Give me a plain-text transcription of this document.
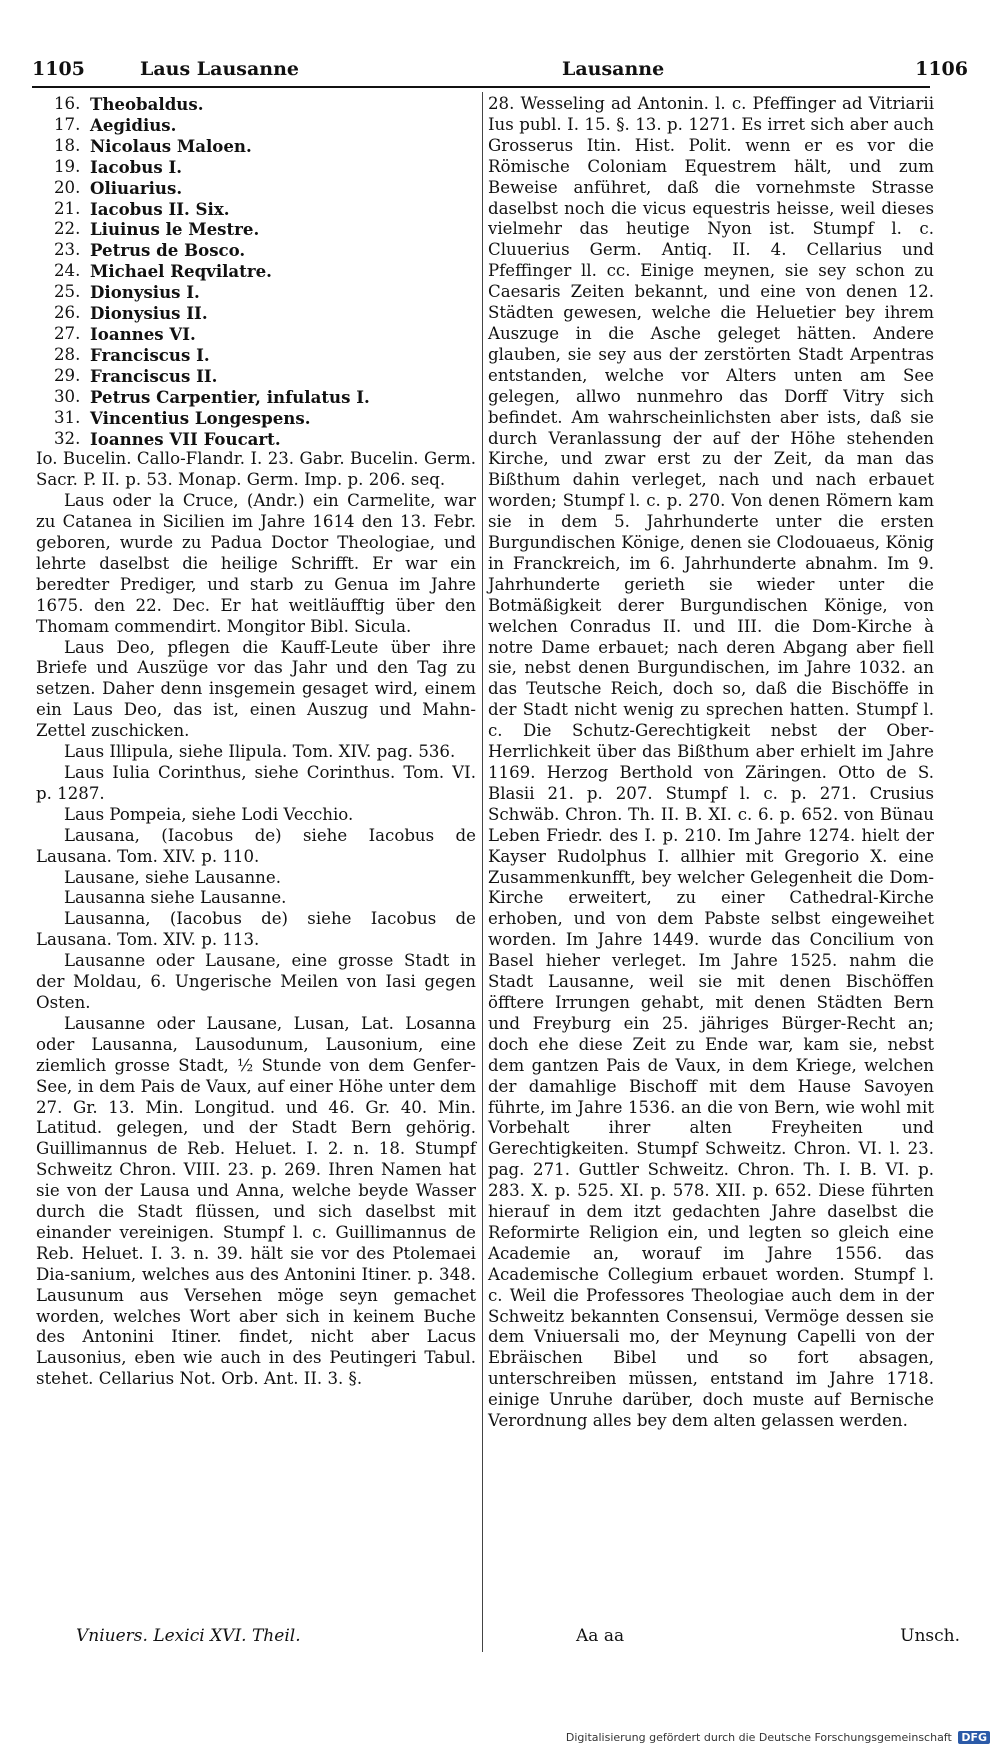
1105	Laus Lausanne	Lausanne	1106
16. Theobaldus.
17. Aegidius.
18. Nicolaus Maloen.
19. Iacobus I.
20. Oliuarius.
21. Iacobus II. Six.
22. Liuinus le Mestre.
23. Petrus de Bosco.
24. Michael Reqvilatre.
25. Dionysius I.
26. Dionysius II.
27. Ioannes VI.
28. Franciscus I.
29. Franciscus II.
30. Petrus Carpentier, infulatus I.
31. Vincentius Longespens.
32. Ioannes VII Foucart.

Io. Bucelin. Callo-Flandr. I. 23. Gabr. Bucelin. Germ. Sacr. P. II. p. 53. Monap. Germ. Imp. p. 206. seq.

Laus oder la Cruce, (Andr.) ein Carmelite, war zu Catanea in Sicilien im Jahre 1614 den 13. Febr. geboren, wurde zu Padua Doctor Theologiae, und lehrte daselbst die heilige Schrifft. Er war ein beredter Prediger, und starb zu Genua im Jahre 1675. den 22. Dec. Er hat weitläufftig über den Thomam commendirt. Mongitor Bibl. Sicula.

Laus Deo, pflegen die Kauff-Leute über ihre Briefe und Auszüge vor das Jahr und den Tag zu setzen. Daher denn insgemein gesaget wird, einem ein Laus Deo, das ist, einen Auszug und Mahn-Zettel zuschicken.

Laus Illipula, siehe Ilipula. Tom. XIV. pag. 536.

Laus Iulia Corinthus, siehe Corinthus. Tom. VI. p. 1287.

Laus Pompeia, siehe Lodi Vecchio.

Lausana, (Iacobus de) siehe Iacobus de Lausana. Tom. XIV. p. 110.

Lausane, siehe Lausanne.

Lausanna siehe Lausanne.

Lausanna, (Iacobus de) siehe Iacobus de Lausana. Tom. XIV. p. 113.

Lausanne oder Lausane, eine grosse Stadt in der Moldau, 6. Ungerische Meilen von Iasi gegen Osten.

Lausanne oder Lausane, Lusan, Lat. Losanna oder Lausanna, Lausodunum, Lausonium, eine ziemlich grosse Stadt, ½ Stunde von dem Genfer-See, in dem Pais de Vaux, auf einer Höhe unter dem 27. Gr. 13. Min. Longitud. und 46. Gr. 40. Min. Latitud. gelegen, und der Stadt Bern gehörig. Guillimannus de Reb. Heluet. I. 2. n. 18. Stumpf Schweitz Chron. VIII. 23. p. 269. Ihren Namen hat sie von der Lausa und Anna, welche beyde Wasser durch die Stadt flüssen, und sich daselbst mit einander vereinigen. Stumpf l. c. Guillimannus de Reb. Heluet. I. 3. n. 39. hält sie vor des Ptolemaei Dia-sanium, welches aus des Antonini Itiner. p. 348. Lausunum aus Versehen möge seyn gemachet worden, welches Wort aber sich in keinem Buche des Antonini Itiner. findet, nicht aber Lacus Lausonius, eben wie auch in des Peutingeri Tabul. stehet. Cellarius Not. Orb. Ant. II. 3. §.

28. Wesseling ad Antonin. l. c. Pfeffinger ad Vitriarii Ius publ. I. 15. §. 13. p. 1271. Es irret sich aber auch Grosserus Itin. Hist. Polit. wenn er es vor die Römische Coloniam Equestrem hält, und zum Beweise anführet, daß die vornehmste Strasse daselbst noch die vicus equestris heisse, weil dieses vielmehr das heutige Nyon ist. Stumpf l. c. Cluuerius Germ. Antiq. II. 4. Cellarius und Pfeffinger ll. cc. Einige meynen, sie sey schon zu Caesaris Zeiten bekannt, und eine von denen 12. Städten gewesen, welche die Heluetier bey ihrem Auszuge in die Asche geleget hätten. Andere glauben, sie sey aus der zerstörten Stadt Arpentras entstanden, welche vor Alters unten am See gelegen, allwo nunmehro das Dorff Vitry sich befindet. Am wahrscheinlichsten aber ists, daß sie durch Veranlassung der auf der Höhe stehenden Kirche, und zwar erst zu der Zeit, da man das Bißthum dahin verleget, nach und nach erbauet worden; Stumpf l. c. p. 270. Von denen Römern kam sie in dem 5. Jahrhunderte unter die ersten Burgundischen Könige, denen sie Clodouaeus, König in Franckreich, im 6. Jahrhunderte abnahm. Im 9. Jahrhunderte gerieth sie wieder unter die Botmäßigkeit derer Burgundischen Könige, von welchen Conradus II. und III. die Dom-Kirche à notre Dame erbauet; nach deren Abgang aber fiell sie, nebst denen Burgundischen, im Jahre 1032. an das Teutsche Reich, doch so, daß die Bischöffe in der Stadt nicht wenig zu sprechen hatten. Stumpf l. c. Die Schutz-Gerechtigkeit nebst der Ober-Herrlichkeit über das Bißthum aber erhielt im Jahre 1169. Herzog Berthold von Zäringen. Otto de S. Blasii 21. p. 207. Stumpf l. c. p. 271. Crusius Schwäb. Chron. Th. II. B. XI. c. 6. p. 652. von Bünau Leben Friedr. des I. p. 210. Im Jahre 1274. hielt der Kayser Rudolphus I. allhier mit Gregorio X. eine Zusammenkunfft, bey welcher Gelegenheit die Dom-Kirche erweitert, zu einer Cathedral-Kirche erhoben, und von dem Pabste selbst eingeweihet worden. Im Jahre 1449. wurde das Concilium von Basel hieher verleget. Im Jahre 1525. nahm die Stadt Lausanne, weil sie mit denen Bischöffen öfftere Irrungen gehabt, mit denen Städten Bern und Freyburg ein 25. jähriges Bürger-Recht an; doch ehe diese Zeit zu Ende war, kam sie, nebst dem gantzen Pais de Vaux, in dem Kriege, welchen der damahlige Bischoff mit dem Hause Savoyen führte, im Jahre 1536. an die von Bern, wie wohl mit Vorbehalt ihrer alten Freyheiten und Gerechtigkeiten. Stumpf Schweitz. Chron. VI. l. 23. pag. 271. Guttler Schweitz. Chron. Th. I. B. VI. p. 283. X. p. 525. XI. p. 578. XII. p. 652. Diese führten hierauf in dem itzt gedachten Jahre daselbst die Reformirte Religion ein, und legten so gleich eine Academie an, worauf im Jahre 1556. das Academische Collegium erbauet worden. Stumpf l. c. Weil die Professores Theologiae auch dem in der Schweitz bekannten Consensui, Vermöge dessen sie dem Vniuersali mo, der Meynung Capelli von der Ebräischen Bibel und so fort absagen, unterschreiben müssen, entstand im Jahre 1718. einige Unruhe darüber, doch muste auf Bernische Verordnung alles bey dem alten gelassen werden.

Vniuers. Lexici XVI. Theil.	Aa aa	Unsch.
Digitalisierung gefördert durch die Deutsche Forschungsgemeinschaft DFG
